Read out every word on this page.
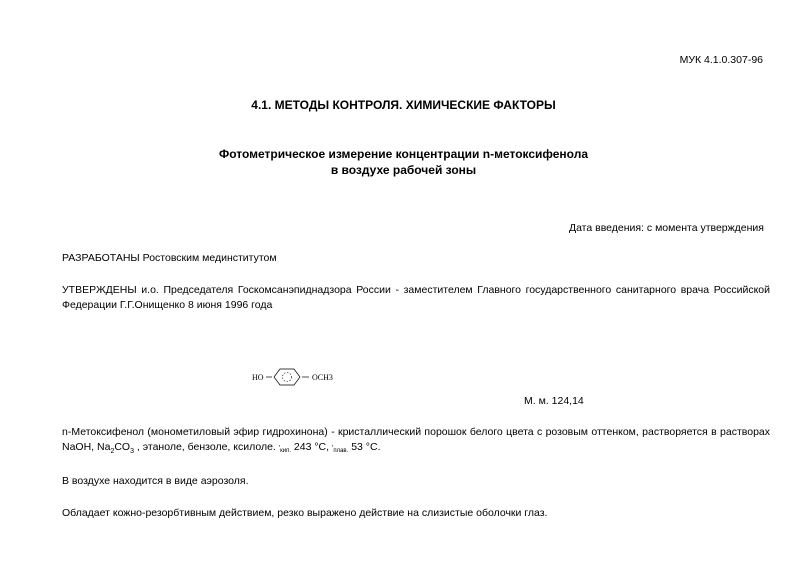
МУК 4.1.0.307-96
4.1. МЕТОДЫ КОНТРОЛЯ. ХИМИЧЕСКИЕ ФАКТОРЫ
Фотометрическое измерение концентрации n-метоксифенола
в воздухе рабочей зоны
Дата введения: с момента утверждения
РАЗРАБОТАНЫ Ростовским мединститутом
УТВЕРЖДЕНЫ и.о. Председателя Госкомсанэпиднадзора России - заместителем Главного государственного санитарного врача Российской Федерации Г.Г.Онищенко 8 июня 1996 года
HO	OCH3
М. м. 124,14
n-Метоксифенол (монометиловый эфир гидрохинона) - кристаллический порошок белого цвета с розовым оттенком, растворяется в растворах NaOH, $Na_2CO_3$ , этаноле, бензоле, ксилоле. '$_{кип.}$ 243 °С, '$_{плав.}$ 53 °С.
В воздухе находится в виде аэрозоля.
Обладает кожно-резорбтивным действием, резко выражено действие на слизистые оболочки глаз.
